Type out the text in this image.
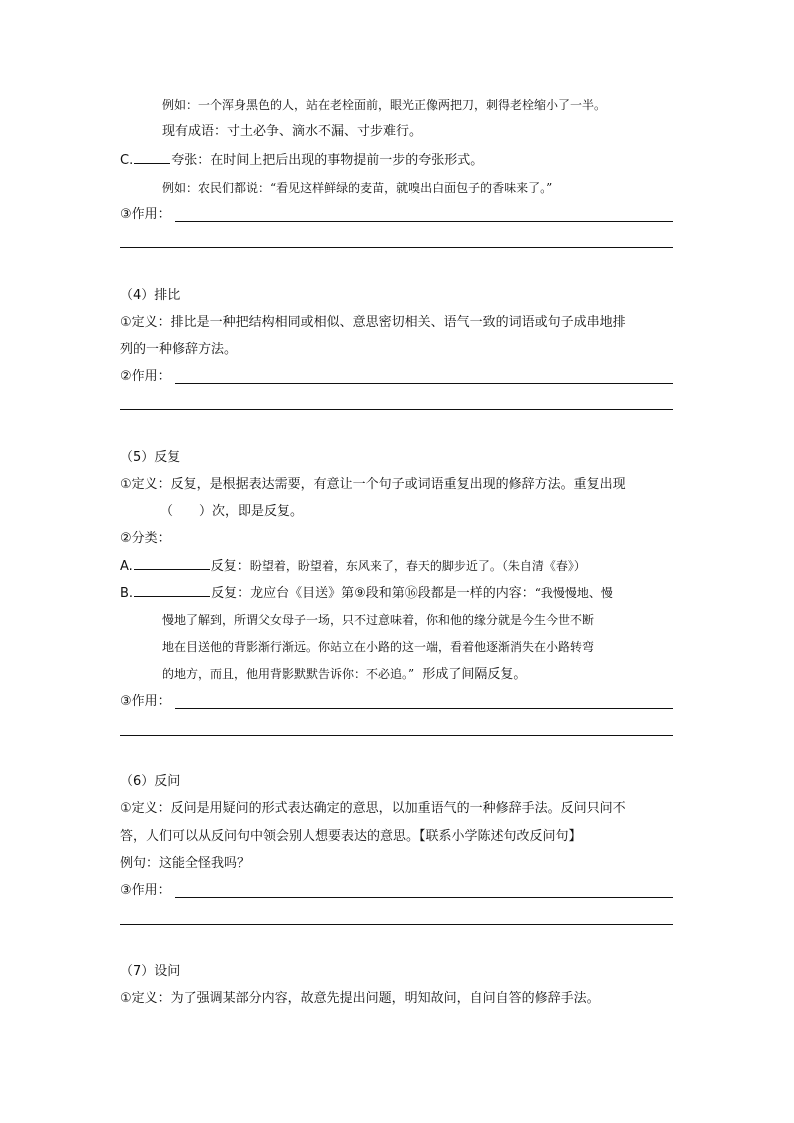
例如：一个浑身黑色的人，站在老栓面前，眼光正像两把刀，刺得老栓缩小了一半。
现有成语：寸土必争、滴水不漏、寸步难行。
C.	夸张：在时间上把后出现的事物提前一步的夸张形式。
例如：农民们都说：“看见这样鲜绿的麦苗，就嗅出白面包子的香味来了。”
③作用：
（4）排比
①定义：排比是一种把结构相同或相似、意思密切相关、语气一致的词语或句子成串地排
列的一种修辞方法。
②作用：
（5）反复
①定义：反复，是根据表达需要，有意让一个句子或词语重复出现的修辞方法。重复出现
（　　）次，即是反复。
②分类：
A.	反复：盼望着，盼望着，东风来了，春天的脚步近了。（朱自清《春》）
B.	反复：龙应台《目送》第⑨段和第⑯段都是一样的内容：“我慢慢地、慢
慢地了解到，所谓父女母子一场，只不过意味着，你和他的缘分就是今生今世不断
地在目送他的背影渐行渐远。你站立在小路的这一端，看着他逐渐消失在小路转弯
的地方，而且，他用背影默默告诉你：不必追。” 形成了间隔反复。
③作用：
（6）反问
①定义：反问是用疑问的形式表达确定的意思，以加重语气的一种修辞手法。反问只问不
答，人们可以从反问句中领会别人想要表达的意思。【联系小学陈述句改反问句】
例句：这能全怪我吗？
③作用：
（7）设问
①定义：为了强调某部分内容，故意先提出问题，明知故问，自问自答的修辞手法。
